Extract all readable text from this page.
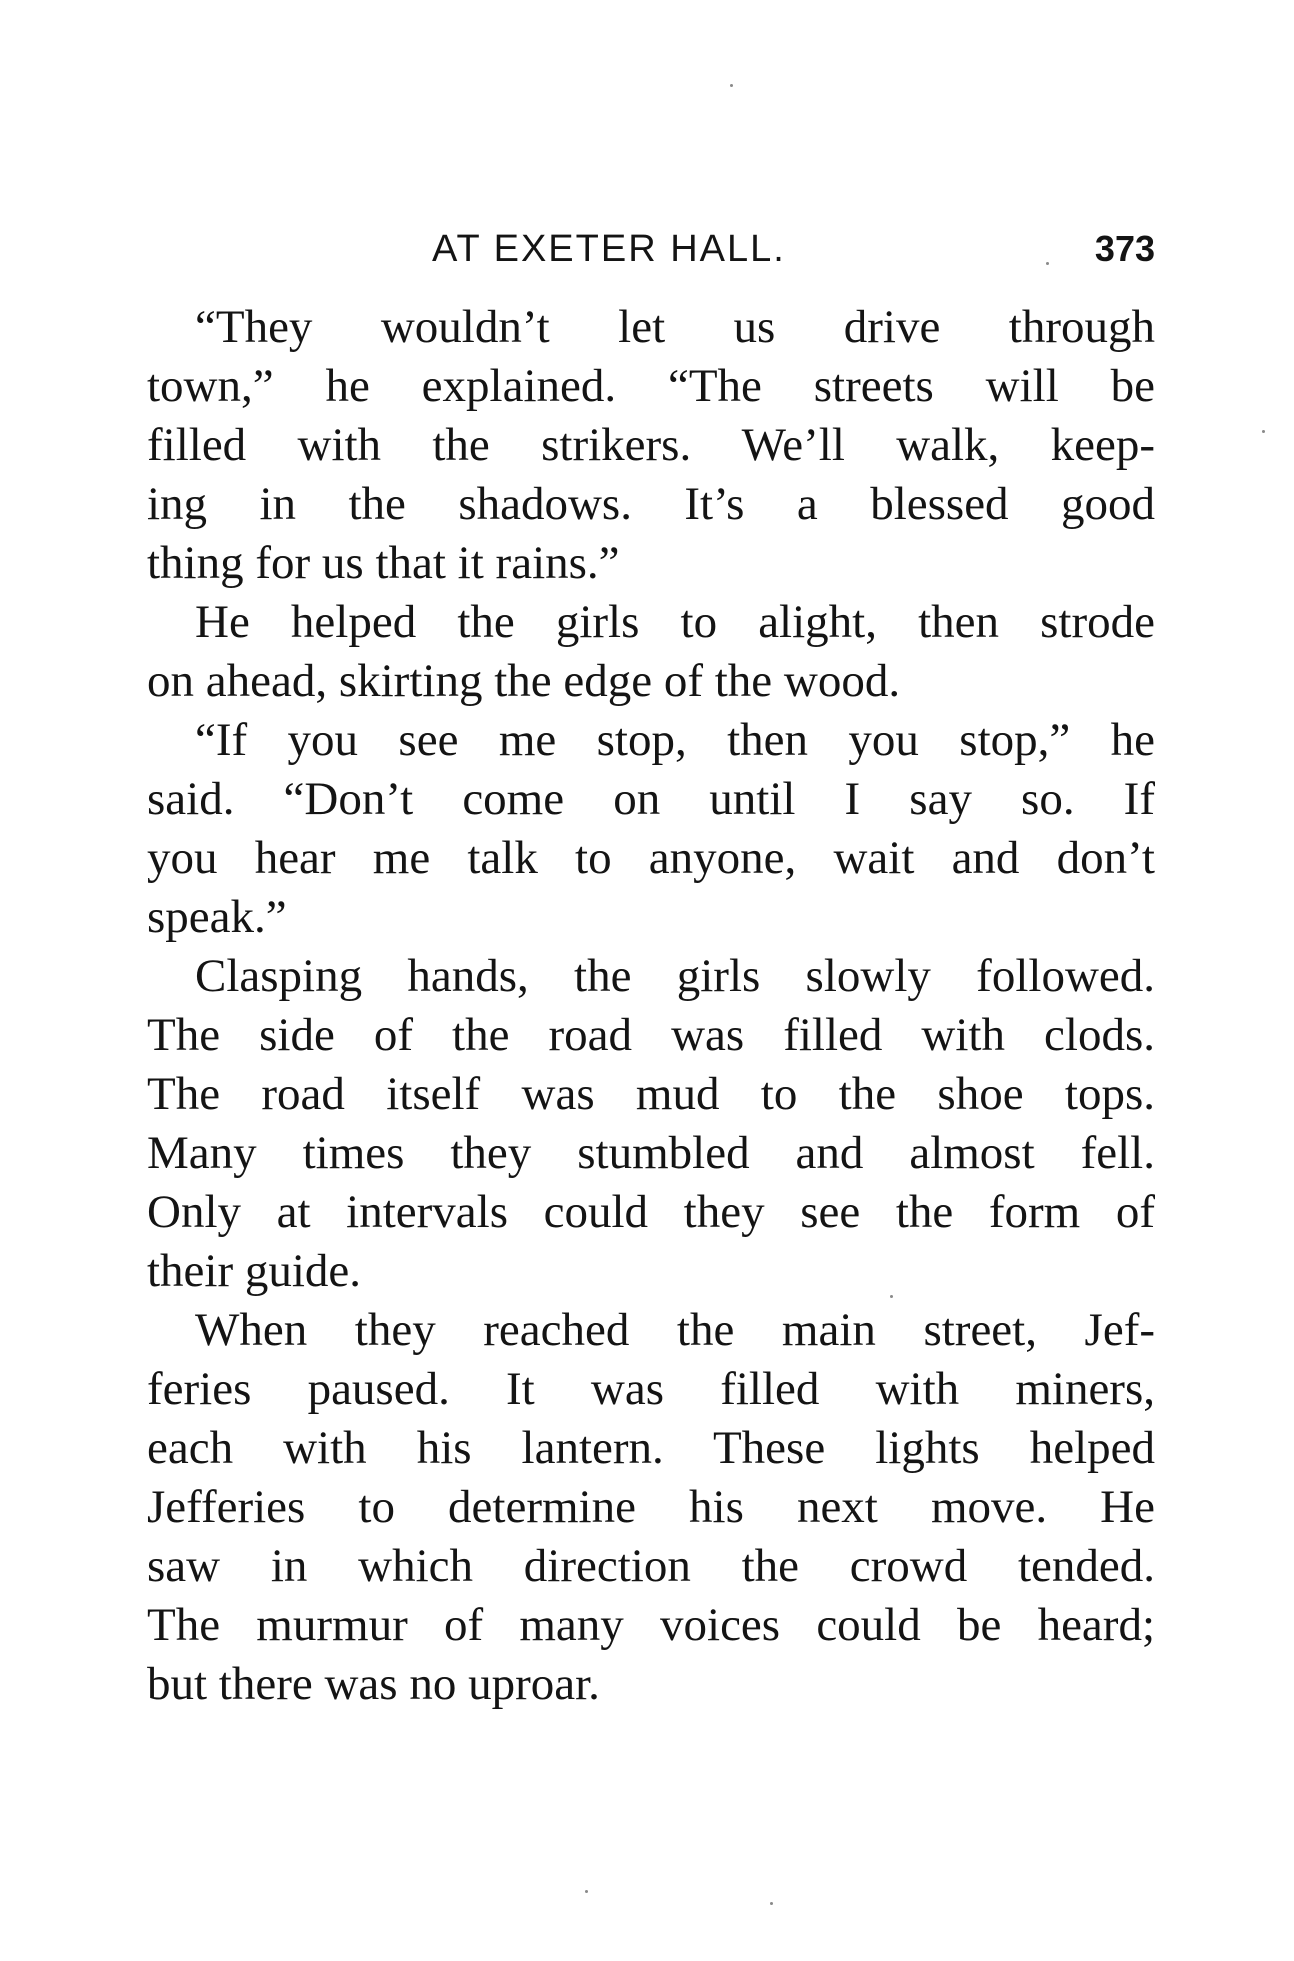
AT EXETER HALL.	373
“They wouldn’t let us drive through
town,” he explained. “The streets will be
filled with the strikers. We’ll walk, keep-
ing in the shadows. It’s a blessed good
thing for us that it rains.”
He helped the girls to alight, then strode
on ahead, skirting the edge of the wood.
“If you see me stop, then you stop,” he
said. “Don’t come on until I say so. If
you hear me talk to anyone, wait and don’t
speak.”
Clasping hands, the girls slowly followed.
The side of the road was filled with clods.
The road itself was mud to the shoe tops.
Many times they stumbled and almost fell.
Only at intervals could they see the form of
their guide.
When they reached the main street, Jef-
feries paused. It was filled with miners,
each with his lantern. These lights helped
Jefferies to determine his next move. He
saw in which direction the crowd tended.
The murmur of many voices could be heard;
but there was no uproar.
